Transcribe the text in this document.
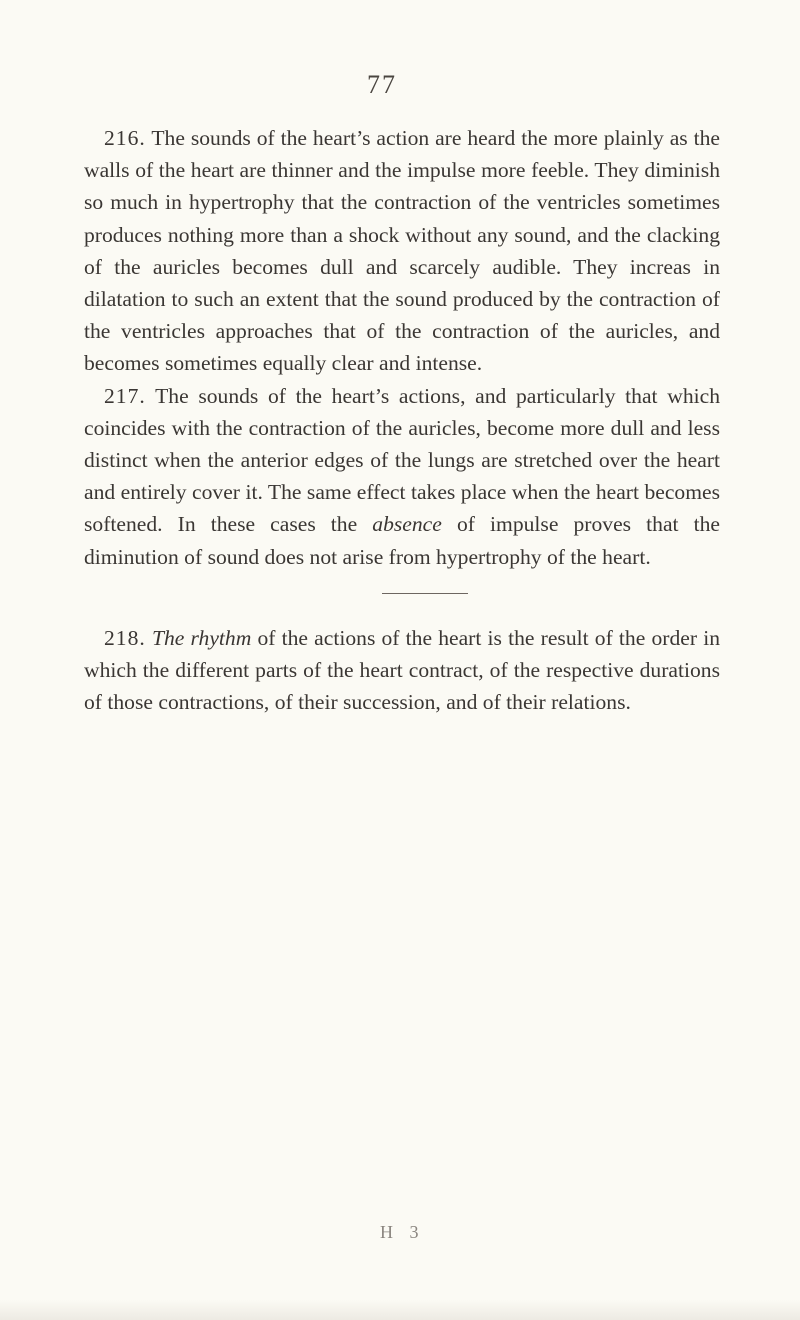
77

216. The sounds of the heart’s action are heard the more plainly as the walls of the heart are thinner and the impulse more feeble. They diminish so much in hypertrophy that the contraction of the ventricles sometimes produces nothing more than a shock without any sound, and the clacking of the auricles becomes dull and scarcely audible. They increas in dilatation to such an extent that the sound produced by the contraction of the ventricles approaches that of the contraction of the auricles, and becomes sometimes equally clear and intense.

217. The sounds of the heart’s actions, and particularly that which coincides with the contraction of the auricles, become more dull and less distinct when the anterior edges of the lungs are stretched over the heart and entirely cover it. The same effect takes place when the heart becomes softened. In these cases the absence of impulse proves that the diminution of sound does not arise from hypertrophy of the heart.

218. The rhythm of the actions of the heart is the result of the order in which the different parts of the heart contract, of the respective durations of those contractions, of their succession, and of their relations.

H 3
